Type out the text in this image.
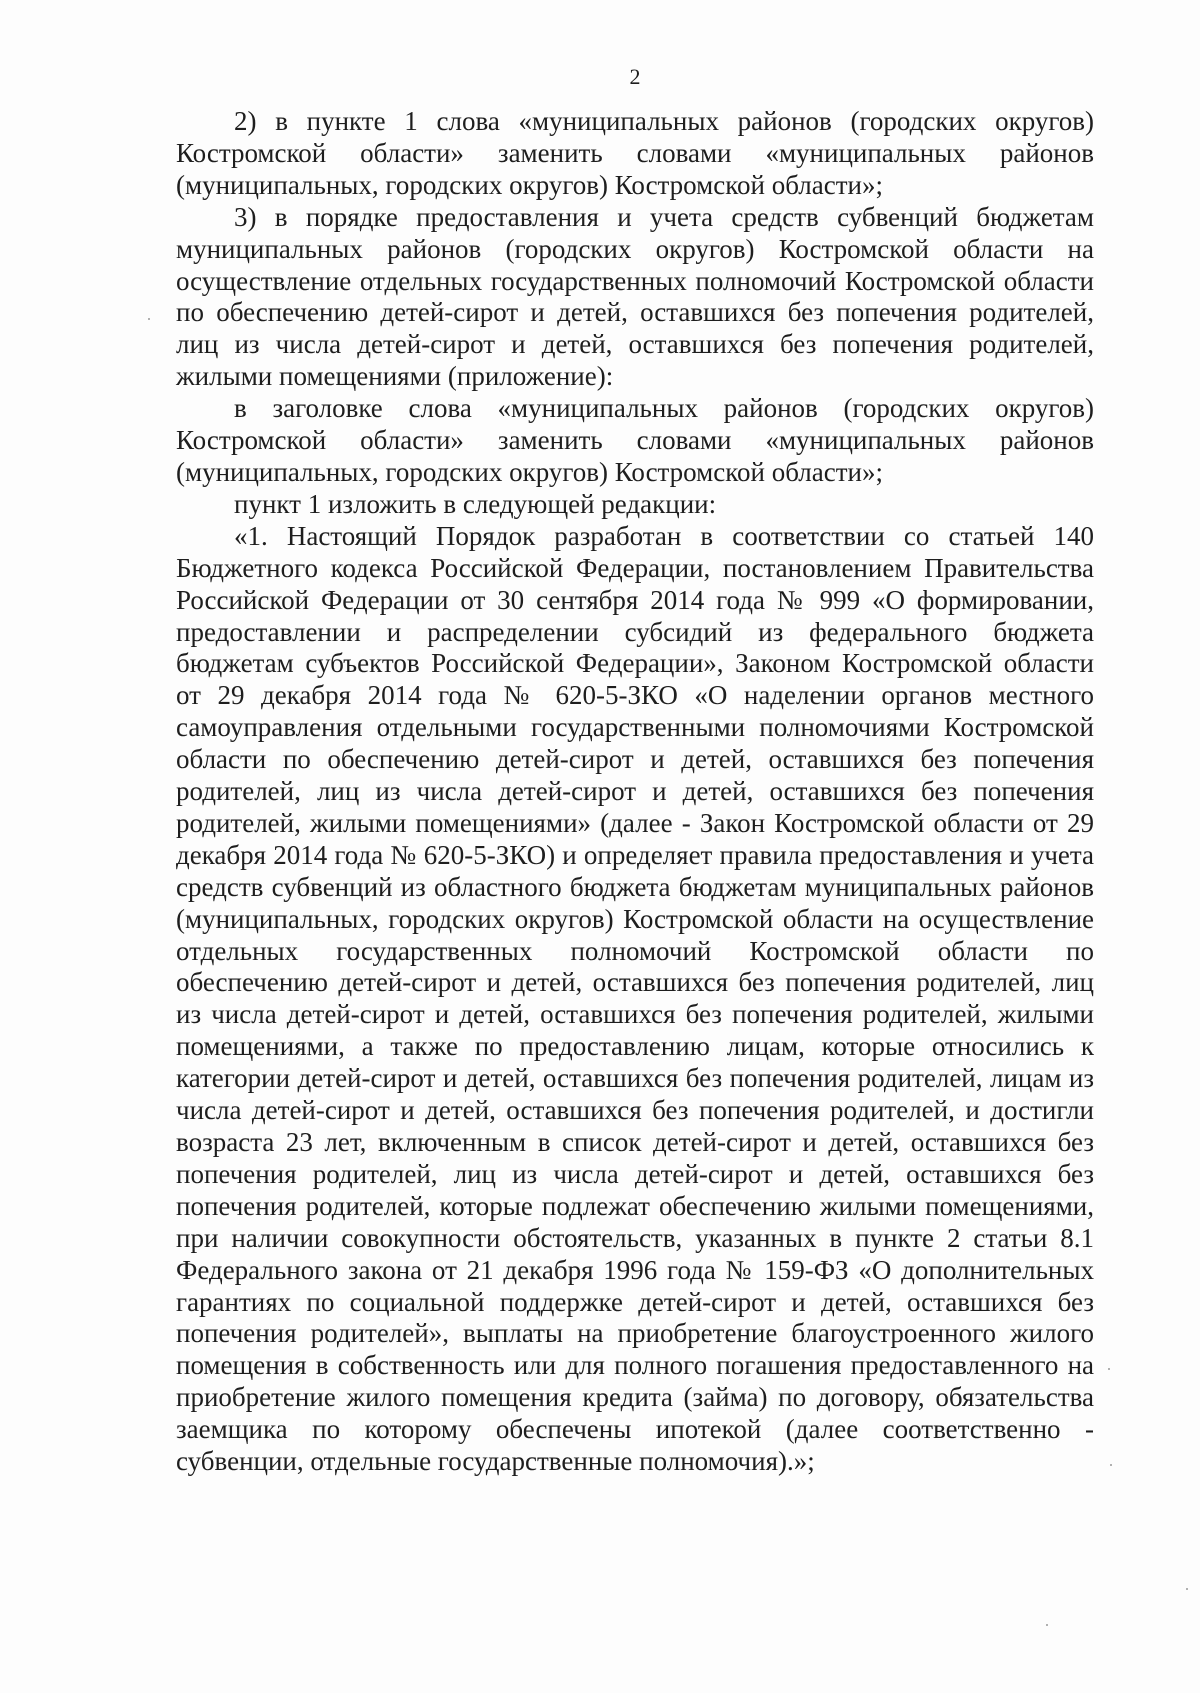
2

2) в пункте 1 слова «муниципальных районов (городских округов) Костромской области» заменить словами «муниципальных районов (муниципальных, городских округов) Костромской области»;

3) в порядке предоставления и учета средств субвенций бюджетам муниципальных районов (городских округов) Костромской области на осуществление отдельных государственных полномочий Костромской области по обеспечению детей-сирот и детей, оставшихся без попечения родителей, лиц из числа детей-сирот и детей, оставшихся без попечения родителей, жилыми помещениями (приложение):

в заголовке слова «муниципальных районов (городских округов) Костромской области» заменить словами «муниципальных районов (муниципальных, городских округов) Костромской области»;

пункт 1 изложить в следующей редакции:

«1. Настоящий Порядок разработан в соответствии со статьей 140 Бюджетного кодекса Российской Федерации, постановлением Правительства Российской Федерации от 30 сентября 2014 года № 999 «О формировании, предоставлении и распределении субсидий из федерального бюджета бюджетам субъектов Российской Федерации», Законом Костромской области от 29 декабря 2014 года № 620-5-ЗКО «О наделении органов местного самоуправления отдельными государственными полномочиями Костромской области по обеспечению детей-сирот и детей, оставшихся без попечения родителей, лиц из числа детей-сирот и детей, оставшихся без попечения родителей, жилыми помещениями» (далее - Закон Костромской области от 29 декабря 2014 года № 620-5-ЗКО) и определяет правила предоставления и учета средств субвенций из областного бюджета бюджетам муниципальных районов (муниципальных, городских округов) Костромской области на осуществление отдельных государственных полномочий Костромской области по обеспечению детей-сирот и детей, оставшихся без попечения родителей, лиц из числа детей-сирот и детей, оставшихся без попечения родителей, жилыми помещениями, а также по предоставлению лицам, которые относились к категории детей-сирот и детей, оставшихся без попечения родителей, лицам из числа детей-сирот и детей, оставшихся без попечения родителей, и достигли возраста 23 лет, включенным в список детей-сирот и детей, оставшихся без попечения родителей, лиц из числа детей-сирот и детей, оставшихся без попечения родителей, которые подлежат обеспечению жилыми помещениями, при наличии совокупности обстоятельств, указанных в пункте 2 статьи 8.1 Федерального закона от 21 декабря 1996 года № 159-ФЗ «О дополнительных гарантиях по социальной поддержке детей-сирот и детей, оставшихся без попечения родителей», выплаты на приобретение благоустроенного жилого помещения в собственность или для полного погашения предоставленного на приобретение жилого помещения кредита (займа) по договору, обязательства заемщика по которому обеспечены ипотекой (далее соответственно - субвенции, отдельные государственные полномочия).»;
